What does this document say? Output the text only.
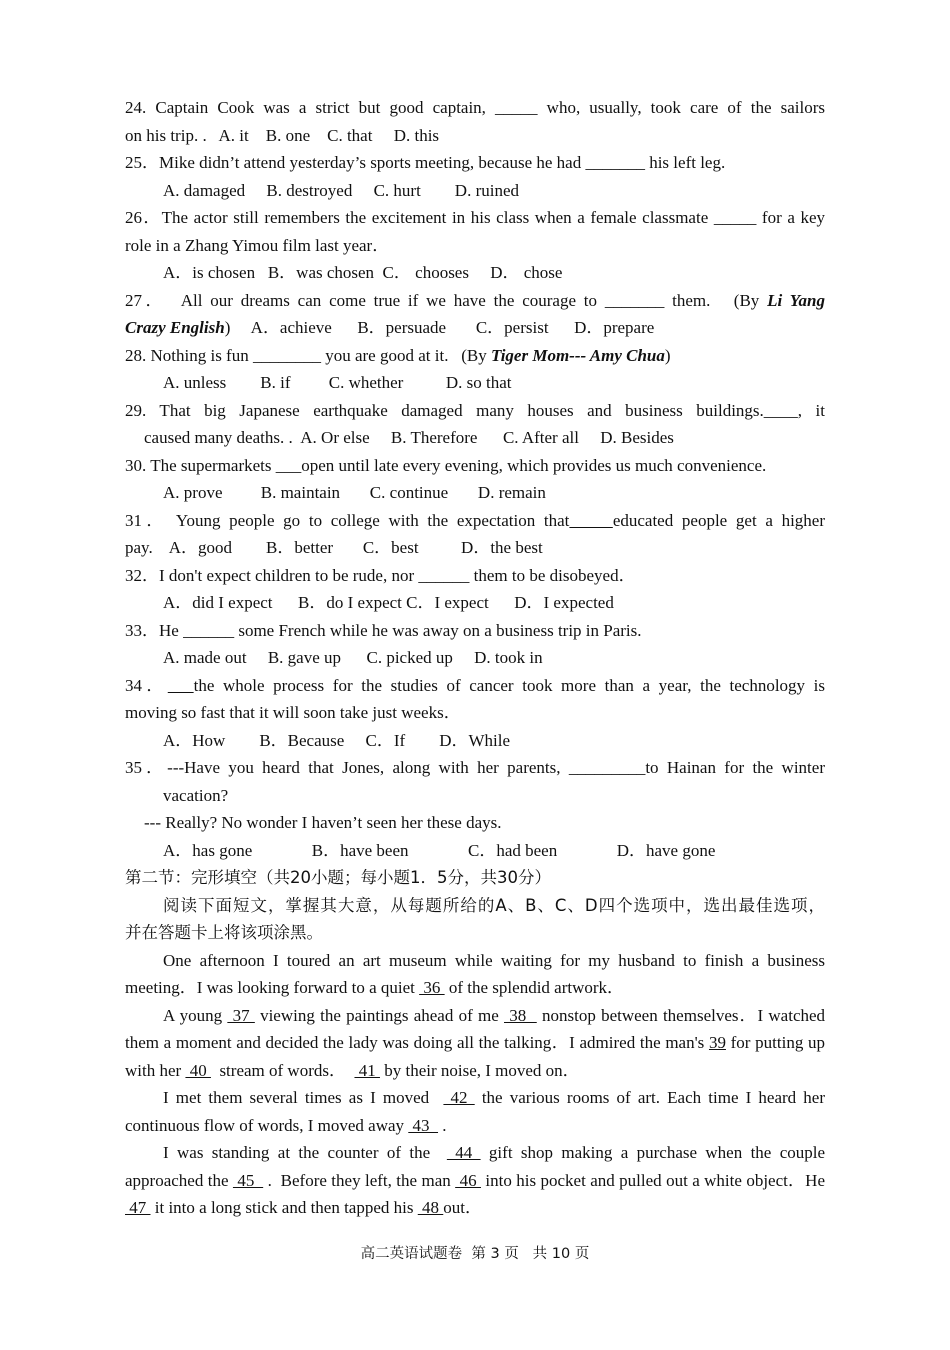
24. Captain Cook was a strict but good captain, _____ who, usually, took care of the sailors
on his trip. .   A. it    B. one    C. that     D. this
25．Mike didn’t attend yesterday’s sports meeting, because he had _______ his left leg.
A. damaged     B. destroyed     C. hurt        D. ruined
26．The actor still remembers the excitement in his class when a female classmate _____ for a key role in a Zhang Yimou film last year．
A．is chosen   B．was chosen  C． chooses     D． chose
27．  All our dreams can come true if we have the courage to _______ them.   (By Li Yang
Crazy English)     A．achieve      B．persuade       C．persist      D．prepare
28. Nothing is fun ________ you are good at it.   (By Tiger Mom--- Amy Chua)
A. unless        B. if         C. whether          D. so that
29. That big Japanese earthquake damaged many houses and business buildings.____, it
caused many deaths. .  A. Or else     B. Therefore      C. After all     D. Besides
30. The supermarkets ___open until late every evening, which provides us much convenience.
A. prove         B. maintain       C. continue       D. remain
31． Young people go to college with the expectation that	educated people get a higher
pay.    A．good        B．better       C．best          D．the best
32．I don't expect children to be rude, nor ______ them to be disobeyed．
A．did I expect      B．do I expect C．I expect      D．I expected
33．He ______ some French while he was away on a business trip in Paris.
A. made out     B. gave up      C. picked up     D. took in
34． the whole process for the studies of cancer took more than a year, the technology is
moving so fast that it will soon take just weeks．
A．How        B．Because     C．If        D．While
35．---Have you heard that Jones, along with her parents, _________to Hainan for the winter
vacation?
--- Really? No wonder I haven’t seen her these days.
A．has gone              B．have been              C．had been              D．have gone
第二节：完形填空（共20小题；每小题1．5分，共30分）
阅读下面短文，掌握其大意，从每题所给的A、B、C、D四个选项中，选出最佳选项，
并在答题卡上将该项涂黑。
One afternoon I toured an art museum while waiting for my husband to finish a business meeting．I was looking forward to a quiet  36  of the splendid artwork．
A young  37  viewing the paintings ahead of me  38   nonstop between themselves．I watched them a moment and decided the lady was doing all the talking．I admired the man's 39 for putting up with her  40   stream of words．   41  by their noise, I moved on．
I met them several times as I moved   42  the various rooms of art. Each time I heard her continuous flow of words, I moved away  43   .
I was standing at the counter of the   44  gift shop making a purchase when the couple approached the  45   .  Before they left, the man  46  into his pocket and pulled out a white object．He  47  it into a long stick and then tapped his  48 out．
高二英语试题卷  第 3 页   共 10 页
